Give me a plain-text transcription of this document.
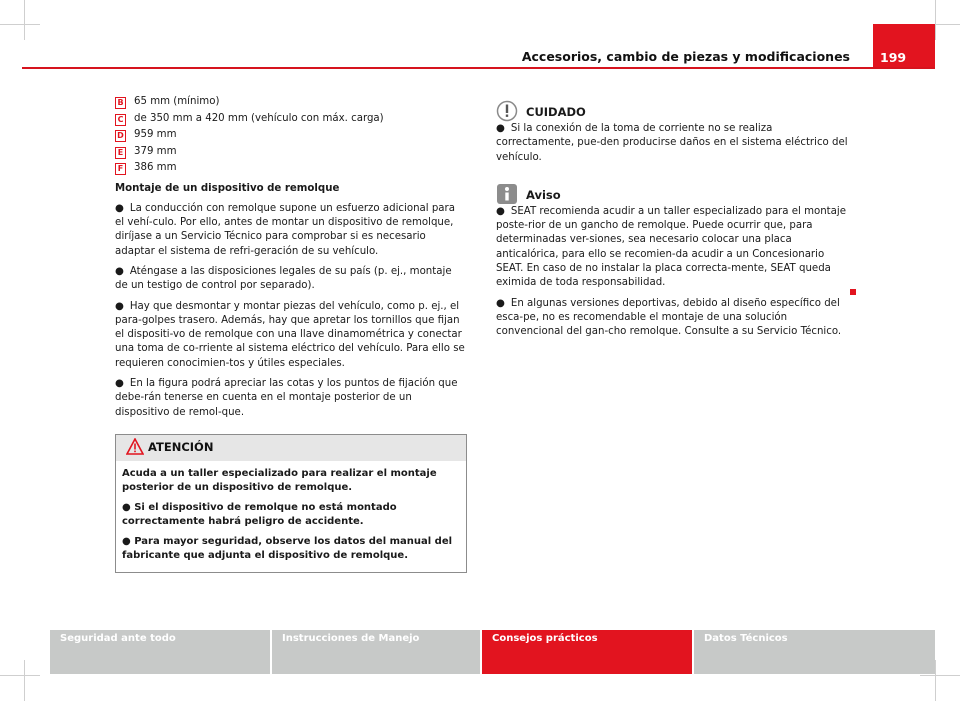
199
Accesorios, cambio de piezas y modificaciones
B 65 mm (mínimo)
C de 350 mm a 420 mm (vehículo con máx. carga)
D 959 mm
E 379 mm
F 386 mm
Montaje de un dispositivo de remolque

● La conducción con remolque supone un esfuerzo adicional para el vehí-culo. Por ello, antes de montar un dispositivo de remolque, diríjase a un Servicio Técnico para comprobar si es necesario adaptar el sistema de refri-geración de su vehículo.

● Aténgase a las disposiciones legales de su país (p. ej., montaje de un testigo de control por separado).

● Hay que desmontar y montar piezas del vehículo, como p. ej., el para-golpes trasero. Además, hay que apretar los tornillos que fijan el dispositi-vo de remolque con una llave dinamométrica y conectar una toma de co-rriente al sistema eléctrico del vehículo. Para ello se requieren conocimien-tos y útiles especiales.

● En la figura podrá apreciar las cotas y los puntos de fijación que debe-rán tenerse en cuenta en el montaje posterior de un dispositivo de remol-que.

ATENCIÓN

Acuda a un taller especializado para realizar el montaje posterior de un dispositivo de remolque.

● Si el dispositivo de remolque no está montado correctamente habrá peligro de accidente.

● Para mayor seguridad, observe los datos del manual del fabricante que adjunta el dispositivo de remolque.

CUIDADO

● Si la conexión de la toma de corriente no se realiza correctamente, pue-den producirse daños en el sistema eléctrico del vehículo.

Aviso

● SEAT recomienda acudir a un taller especializado para el montaje poste-rior de un gancho de remolque. Puede ocurrir que, para determinadas ver-siones, sea necesario colocar una placa anticalórica, para ello se recomien-da acudir a un Concesionario SEAT. En caso de no instalar la placa correcta-mente, SEAT queda eximida de toda responsabilidad.

● En algunas versiones deportivas, debido al diseño específico del esca-pe, no es recomendable el montaje de una solución convencional del gan-cho remolque. Consulte a su Servicio Técnico.

Seguridad ante todo	Instrucciones de Manejo	Consejos prácticos	Datos Técnicos
